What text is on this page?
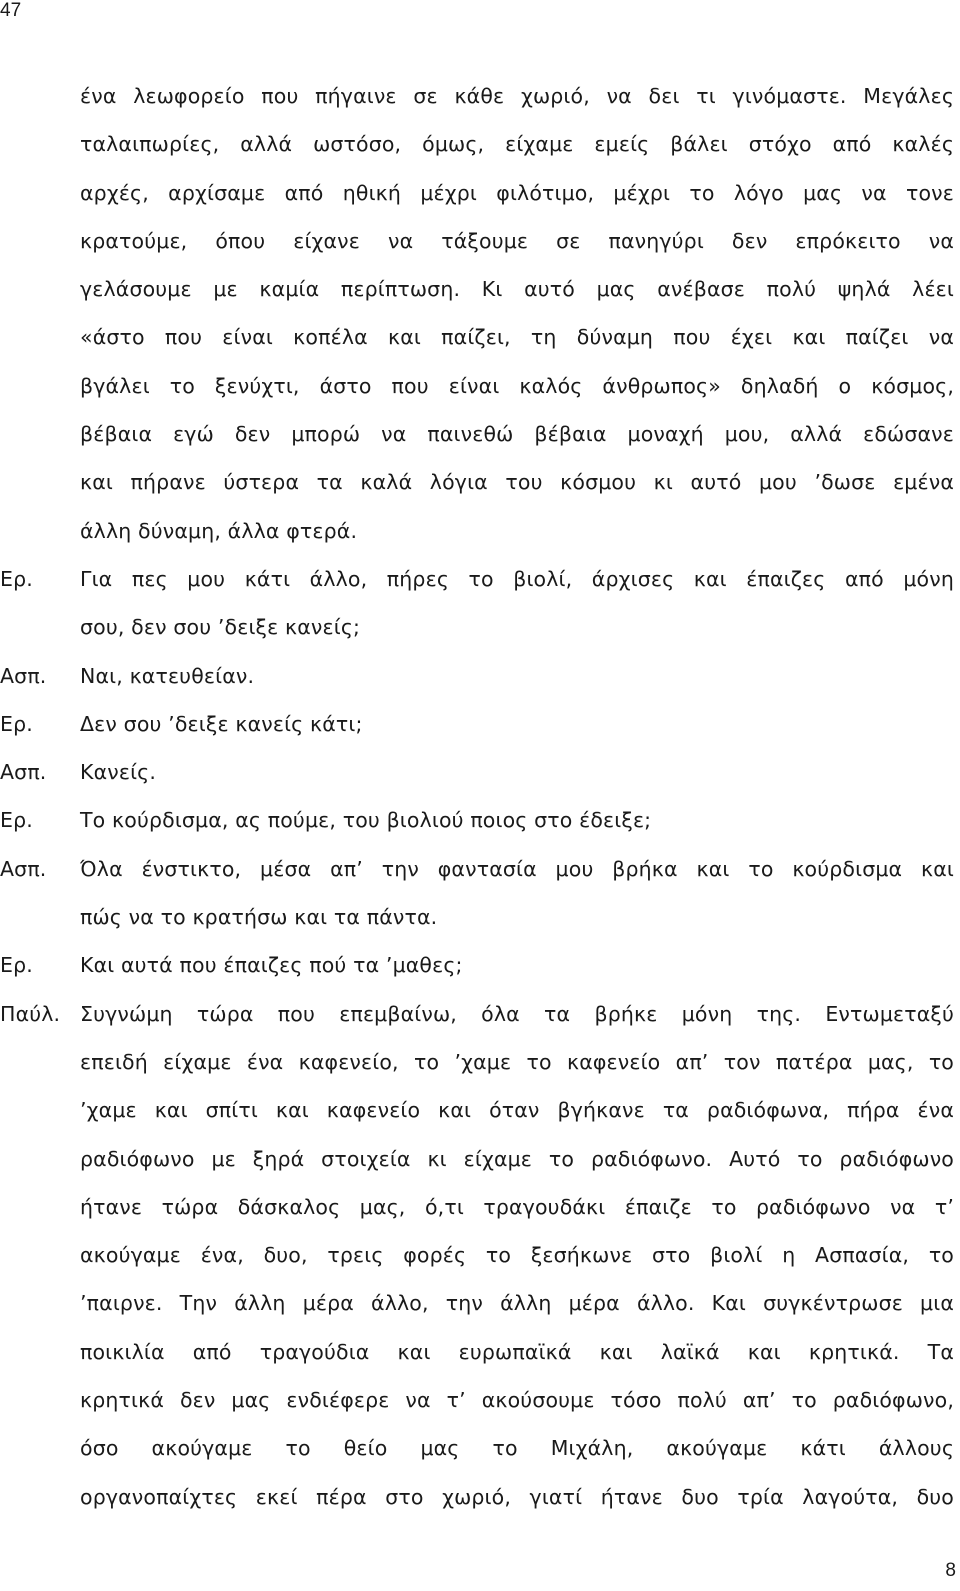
47
ένα λεωφορείο που πήγαινε σε κάθε χωριό, να δει τι γινόμαστε. Μεγάλες
ταλαιπωρίες, αλλά ωστόσο, όμως, είχαμε εμείς βάλει στόχο από καλές
αρχές, αρχίσαμε από ηθική μέχρι φιλότιμο, μέχρι το λόγο μας να τονε
κρατούμε, όπου είχανε να τάξουμε σε πανηγύρι δεν επρόκειτο να
γελάσουμε με καμία περίπτωση. Κι αυτό μας ανέβασε πολύ ψηλά λέει
«άστο που είναι κοπέλα και παίζει, τη δύναμη που έχει και παίζει να
βγάλει το ξενύχτι, άστο που είναι καλός άνθρωπος» δηλαδή ο κόσμος,
βέβαια εγώ δεν μπορώ να παινεθώ βέβαια μοναχή μου, αλλά εδώσανε
και πήρανε ύστερα τα καλά λόγια του κόσμου κι αυτό μου ’δωσε εμένα
άλλη δύναμη, άλλα φτερά.
Ερ. Για πες μου κάτι άλλο, πήρες το βιολί, άρχισες και έπαιζες από μόνη
σου, δεν σου ’δειξε κανείς;
Ασπ. Ναι, κατευθείαν.
Ερ. Δεν σου ’δειξε κανείς κάτι;
Ασπ. Κανείς.
Ερ. Το κούρδισμα, ας πούμε, του βιολιού ποιος στο έδειξε;
Ασπ. Όλα ένστικτο, μέσα απ’ την φαντασία μου βρήκα και το κούρδισμα και
πώς να το κρατήσω και τα πάντα.
Ερ. Και αυτά που έπαιζες πού τα ’μαθες;
Παύλ. Συγνώμη τώρα που επεμβαίνω, όλα τα βρήκε μόνη της. Εντωμεταξύ
επειδή είχαμε ένα καφενείο, το ’χαμε το καφενείο απ’ τον πατέρα μας, το
’χαμε και σπίτι και καφενείο και όταν βγήκανε τα ραδιόφωνα, πήρα ένα
ραδιόφωνο με ξηρά στοιχεία κι είχαμε το ραδιόφωνο. Αυτό το ραδιόφωνο
ήτανε τώρα δάσκαλος μας, ό,τι τραγουδάκι έπαιζε το ραδιόφωνο να τ’
ακούγαμε ένα, δυο, τρεις φορές το ξεσήκωνε στο βιολί η Ασπασία, το
’παιρνε. Την άλλη μέρα άλλο, την άλλη μέρα άλλο. Και συγκέντρωσε μια
ποικιλία από τραγούδια και ευρωπαϊκά και λαϊκά και κρητικά. Τα
κρητικά δεν μας ενδιέφερε να τ’ ακούσουμε τόσο πολύ απ’ το ραδιόφωνο,
όσο ακούγαμε το θείο μας το Μιχάλη, ακούγαμε κάτι άλλους
οργανοπαίχτες εκεί πέρα στο χωριό, γιατί ήτανε δυο τρία λαγούτα, δυο
8
